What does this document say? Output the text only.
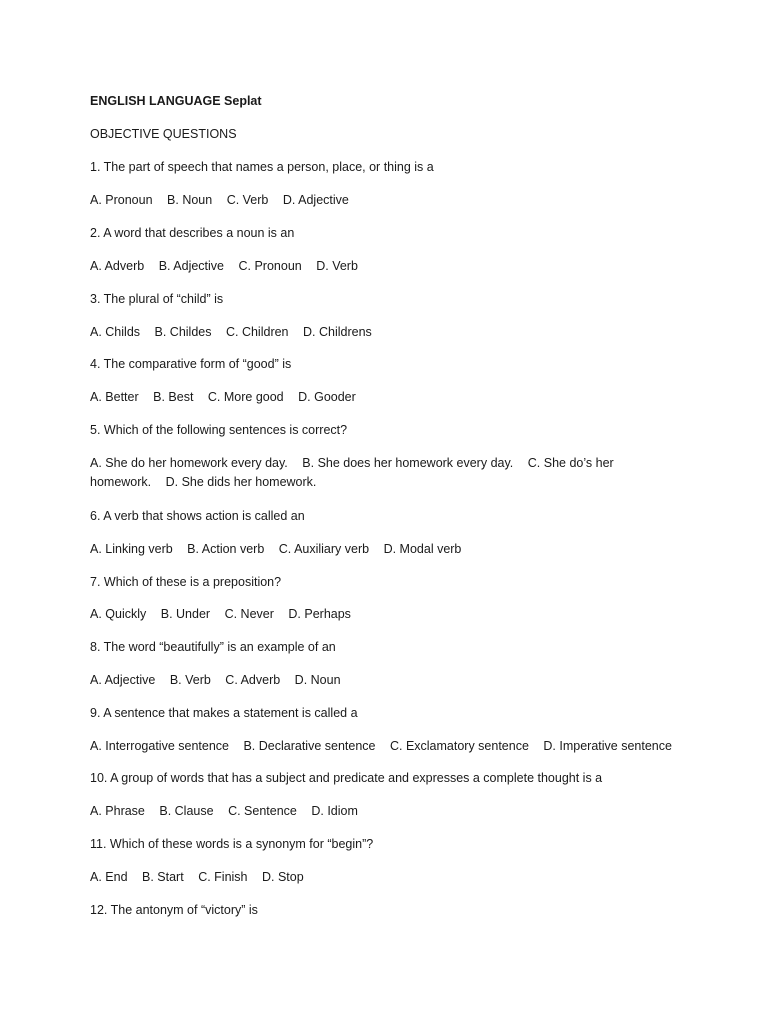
ENGLISH LANGUAGE Seplat
OBJECTIVE QUESTIONS
1. The part of speech that names a person, place, or thing is a
A. Pronoun B. Noun C. Verb D. Adjective
2. A word that describes a noun is an
A. Adverb B. Adjective C. Pronoun D. Verb
3. The plural of “child” is
A. Childs B. Childes C. Children D. Childrens
4. The comparative form of “good” is
A. Better B. Best C. More good D. Gooder
5. Which of the following sentences is correct?
A. She do her homework every day. B. She does her homework every day. C. She do’s her homework. D. She dids her homework.
6. A verb that shows action is called an
A. Linking verb B. Action verb C. Auxiliary verb D. Modal verb
7. Which of these is a preposition?
A. Quickly B. Under C. Never D. Perhaps
8. The word “beautifully” is an example of an
A. Adjective B. Verb C. Adverb D. Noun
9. A sentence that makes a statement is called a
A. Interrogative sentence B. Declarative sentence C. Exclamatory sentence D. Imperative sentence
10. A group of words that has a subject and predicate and expresses a complete thought is a
A. Phrase B. Clause C. Sentence D. Idiom
11. Which of these words is a synonym for “begin”?
A. End B. Start C. Finish D. Stop
12. The antonym of “victory” is
